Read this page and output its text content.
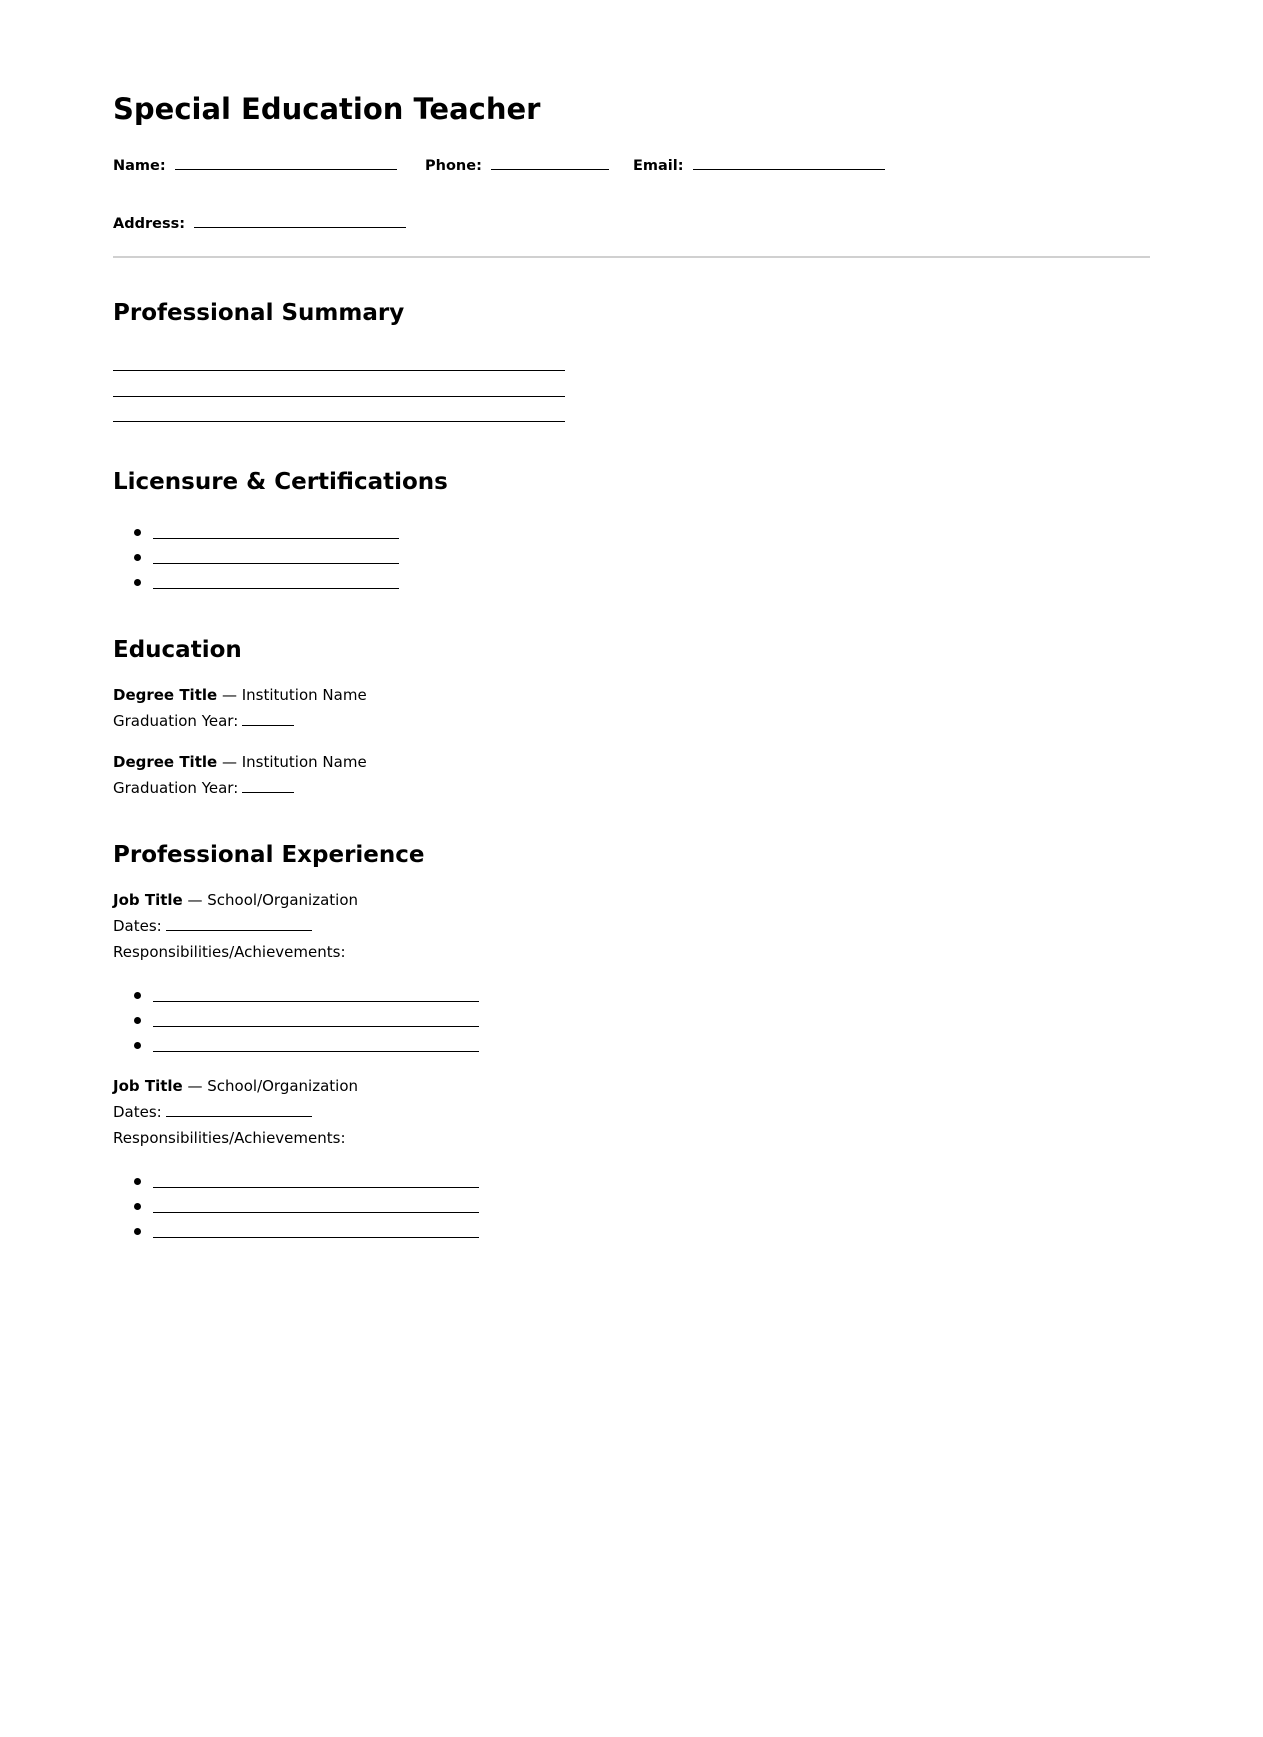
Special Education Teacher
Name:	Phone:	Email:
Address:
Professional Summary
Licensure & Certifications
Education
Degree Title — Institution Name
Graduation Year:
Degree Title — Institution Name
Graduation Year:
Professional Experience
Job Title — School/Organization
Dates:
Responsibilities/Achievements:
Job Title — School/Organization
Dates:
Responsibilities/Achievements:
